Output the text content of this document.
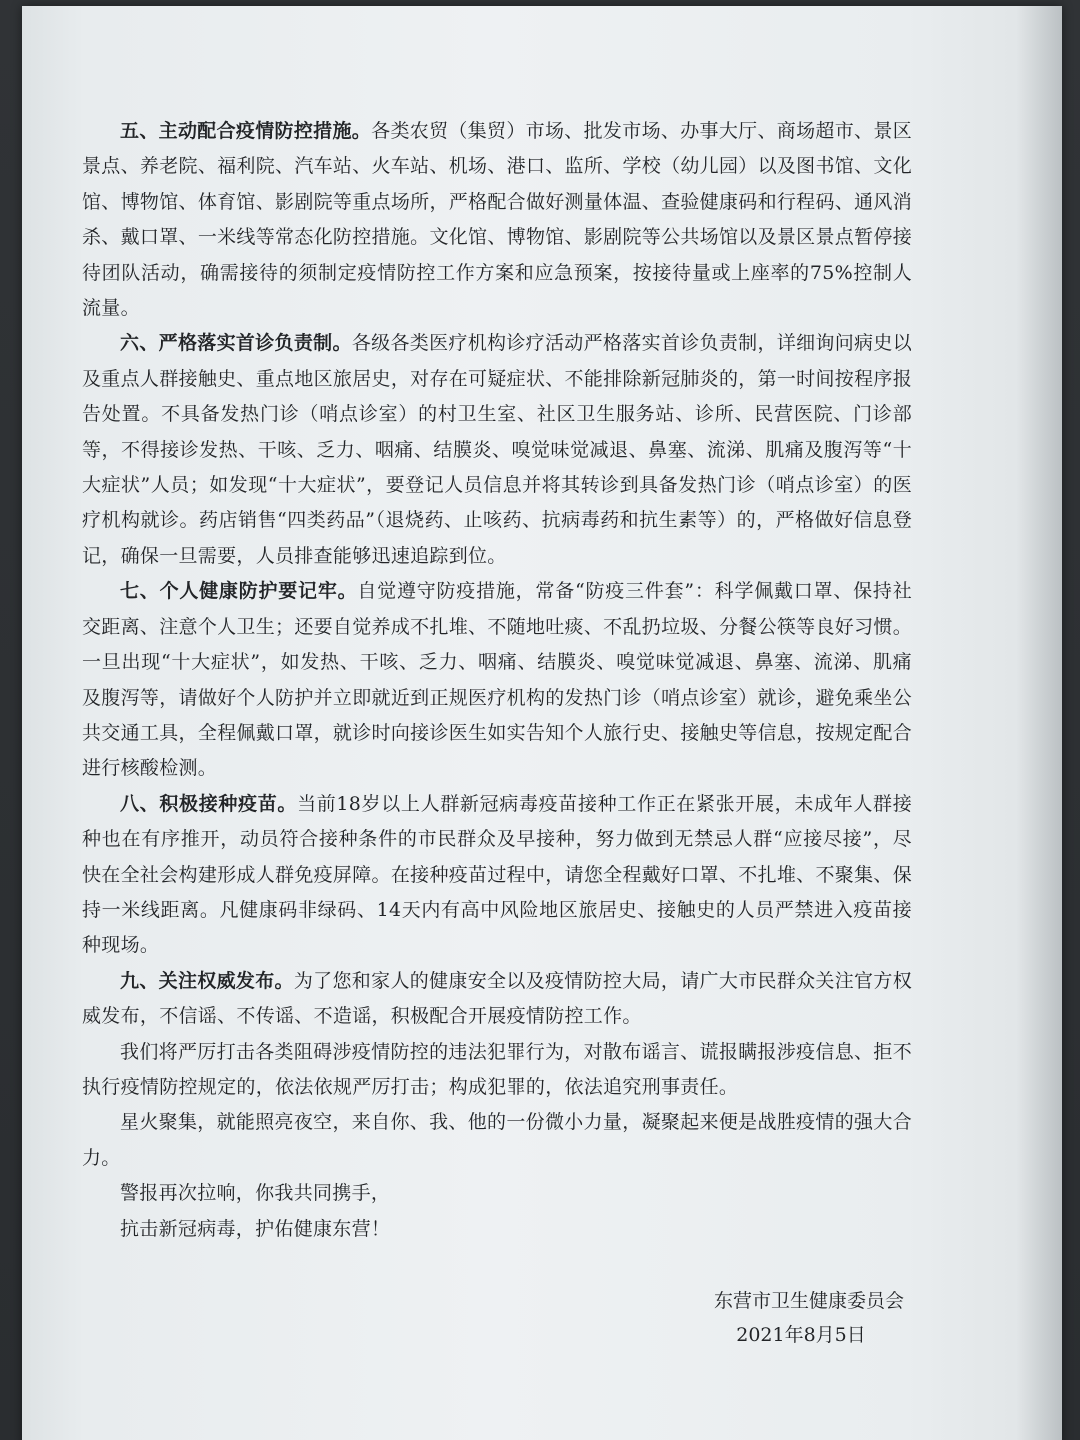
五、主动配合疫情防控措施。各类农贸（集贸）市场、批发市场、办事大厅、商场超市、景区景点、养老院、福利院、汽车站、火车站、机场、港口、监所、学校（幼儿园）以及图书馆、文化馆、博物馆、体育馆、影剧院等重点场所，严格配合做好测量体温、查验健康码和行程码、通风消杀、戴口罩、一米线等常态化防控措施。文化馆、博物馆、影剧院等公共场馆以及景区景点暂停接待团队活动，确需接待的须制定疫情防控工作方案和应急预案，按接待量或上座率的75%控制人流量。

六、严格落实首诊负责制。各级各类医疗机构诊疗活动严格落实首诊负责制，详细询问病史以及重点人群接触史、重点地区旅居史，对存在可疑症状、不能排除新冠肺炎的，第一时间按程序报告处置。不具备发热门诊（哨点诊室）的村卫生室、社区卫生服务站、诊所、民营医院、门诊部等，不得接诊发热、干咳、乏力、咽痛、结膜炎、嗅觉味觉减退、鼻塞、流涕、肌痛及腹泻等“十大症状”人员；如发现“十大症状”，要登记人员信息并将其转诊到具备发热门诊（哨点诊室）的医疗机构就诊。药店销售“四类药品”（退烧药、止咳药、抗病毒药和抗生素等）的，严格做好信息登记，确保一旦需要，人员排查能够迅速追踪到位。

七、个人健康防护要记牢。自觉遵守防疫措施，常备“防疫三件套”：科学佩戴口罩、保持社交距离、注意个人卫生；还要自觉养成不扎堆、不随地吐痰、不乱扔垃圾、分餐公筷等良好习惯。一旦出现“十大症状”，如发热、干咳、乏力、咽痛、结膜炎、嗅觉味觉减退、鼻塞、流涕、肌痛及腹泻等，请做好个人防护并立即就近到正规医疗机构的发热门诊（哨点诊室）就诊，避免乘坐公共交通工具，全程佩戴口罩，就诊时向接诊医生如实告知个人旅行史、接触史等信息，按规定配合进行核酸检测。

八、积极接种疫苗。当前18岁以上人群新冠病毒疫苗接种工作正在紧张开展，未成年人群接种也在有序推开，动员符合接种条件的市民群众及早接种，努力做到无禁忌人群“应接尽接”，尽快在全社会构建形成人群免疫屏障。在接种疫苗过程中，请您全程戴好口罩、不扎堆、不聚集、保持一米线距离。凡健康码非绿码、14天内有高中风险地区旅居史、接触史的人员严禁进入疫苗接种现场。

九、关注权威发布。为了您和家人的健康安全以及疫情防控大局，请广大市民群众关注官方权威发布，不信谣、不传谣、不造谣，积极配合开展疫情防控工作。

我们将严厉打击各类阻碍涉疫情防控的违法犯罪行为，对散布谣言、谎报瞒报涉疫信息、拒不执行疫情防控规定的，依法依规严厉打击；构成犯罪的，依法追究刑事责任。

星火聚集，就能照亮夜空，来自你、我、他的一份微小力量，凝聚起来便是战胜疫情的强大合力。

警报再次拉响，你我共同携手，

抗击新冠病毒，护佑健康东营！

东营市卫生健康委员会
2021年8月5日
